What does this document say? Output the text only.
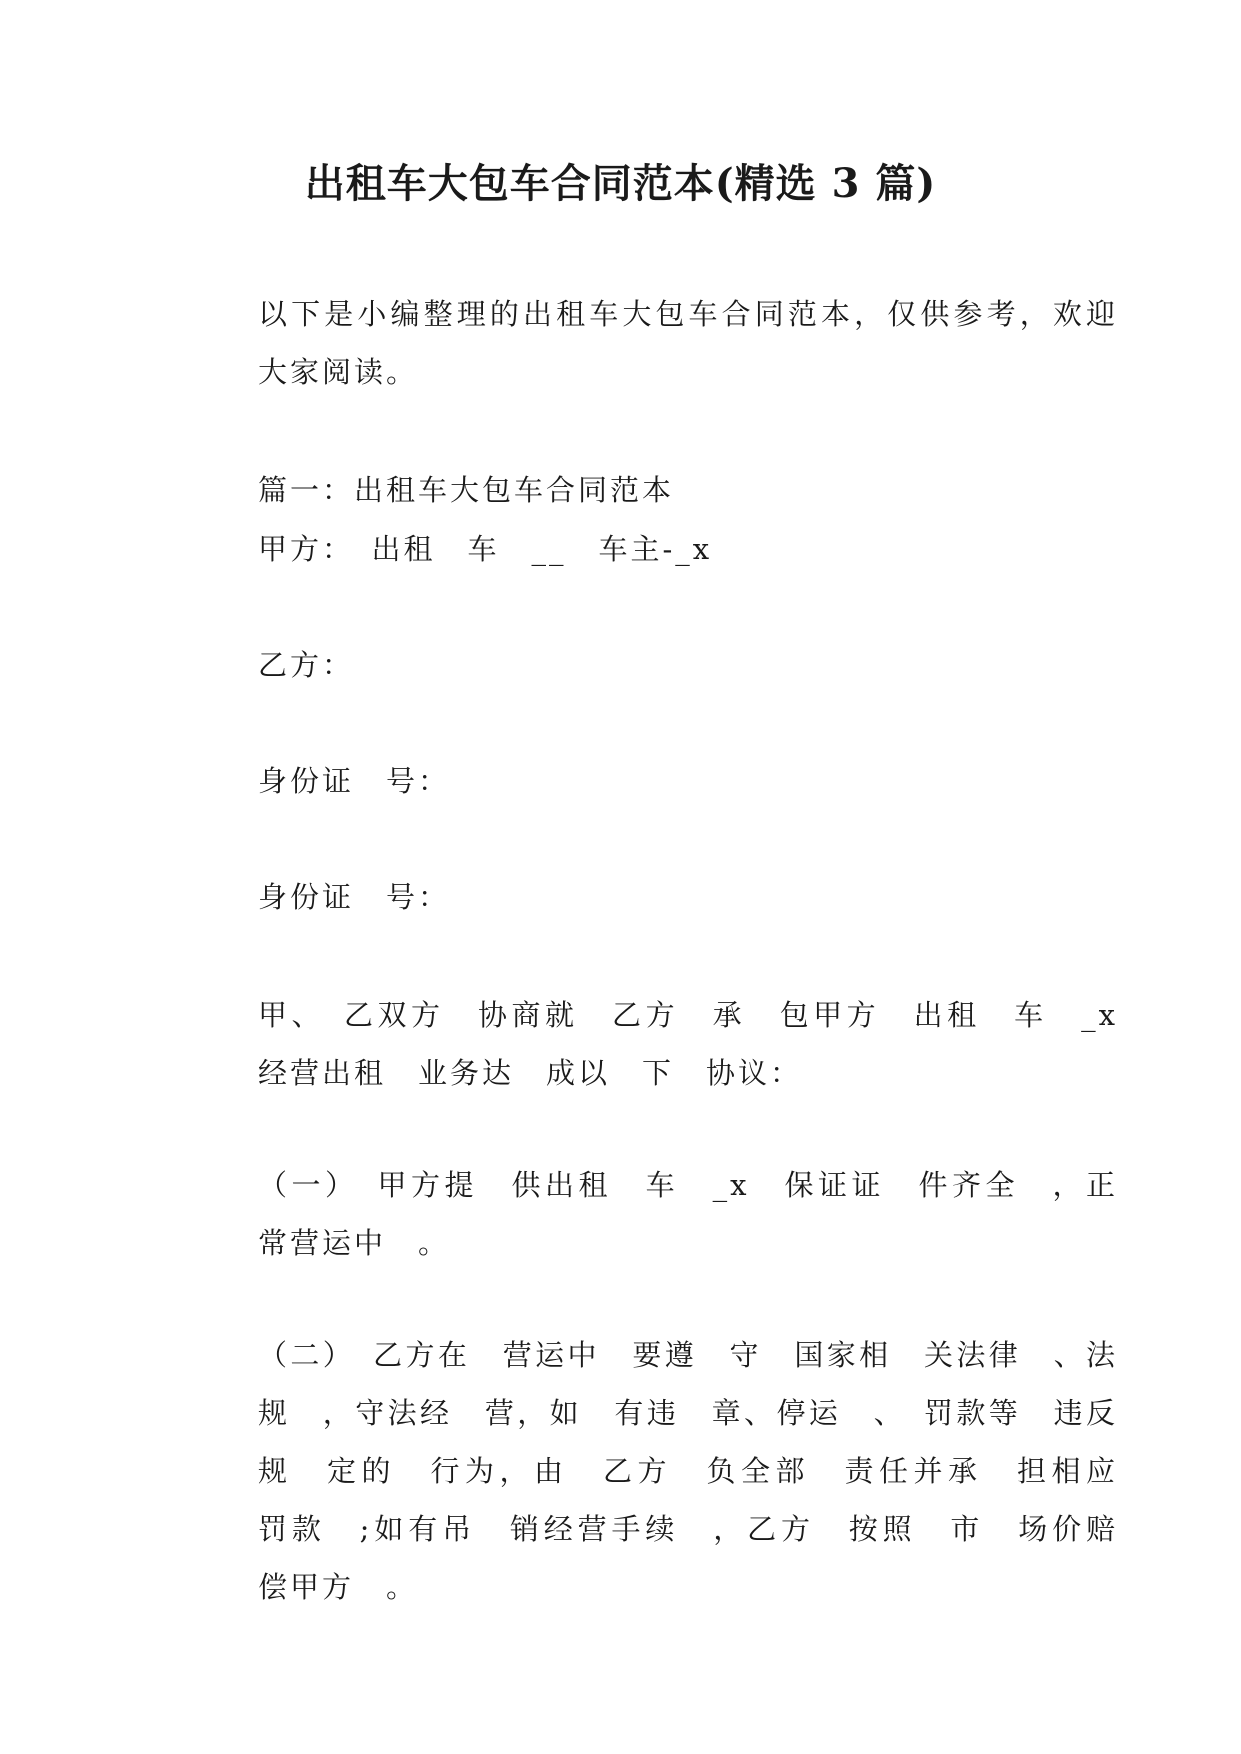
出租车大包车合同范本(精选 3 篇)
以下是小编整理的出租车大包车合同范本，仅供参考，欢迎大家阅读。
篇一：出租车大包车合同范本
甲方：　出租　车　__　车主-_x
乙方：
身份证　号：
身份证　号：
甲、　乙双方　协商就　乙方　承　包甲方　出租　车　_x　经营出租　业务达　成以　下　协议：
（一）　甲方提　供出租　车　_x　保证证　件齐全　，正　常营运中　。
（二）　乙方在　营运中　要遵　守　国家相　关法律　、法规　，守法经　营，如　有违　章、停运　、　罚款等　违反规　定的　行为，由　乙方　负全部　责任并承　担相应　罚款　;如有吊　销经营手续　，乙方　按照　市　场价赔　偿甲方　。
